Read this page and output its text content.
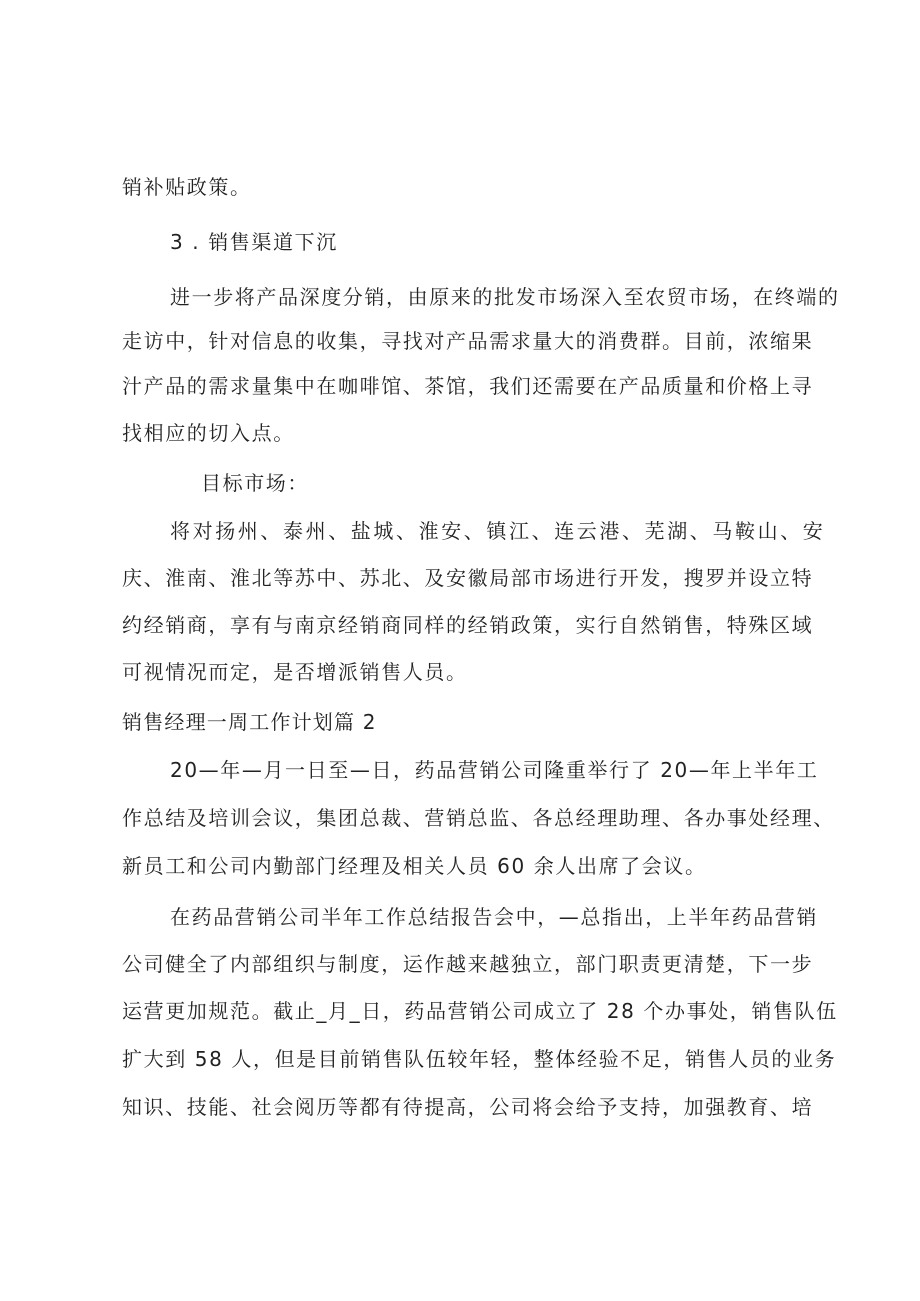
销补贴政策。

3 . 销售渠道下沉

进一步将产品深度分销，由原来的批发市场深入至农贸市场，在终端的

走访中，针对信息的收集，寻找对产品需求量大的消费群。目前，浓缩果

汁产品的需求量集中在咖啡馆、茶馆，我们还需要在产品质量和价格上寻

找相应的切入点。

目标市场：

将对扬州、泰州、盐城、淮安、镇江、连云港、芜湖、马鞍山、安

庆、淮南、淮北等苏中、苏北、及安徽局部市场进行开发，搜罗并设立特

约经销商，享有与南京经销商同样的经销政策，实行自然销售，特殊区域

可视情况而定，是否增派销售人员。

销售经理一周工作计划篇 2

20—年—月一日至—日，药品营销公司隆重举行了 20—年上半年工

作总结及培训会议，集团总裁、营销总监、各总经理助理、各办事处经理、

新员工和公司内勤部门经理及相关人员 60 余人出席了会议。

在药品营销公司半年工作总结报告会中，—总指出，上半年药品营销

公司健全了内部组织与制度，运作越来越独立，部门职责更清楚，下一步

运营更加规范。截止_月_日，药品营销公司成立了 28 个办事处，销售队伍

扩大到 58 人，但是目前销售队伍较年轻，整体经验不足，销售人员的业务

知识、技能、社会阅历等都有待提高，公司将会给予支持，加强教育、培
